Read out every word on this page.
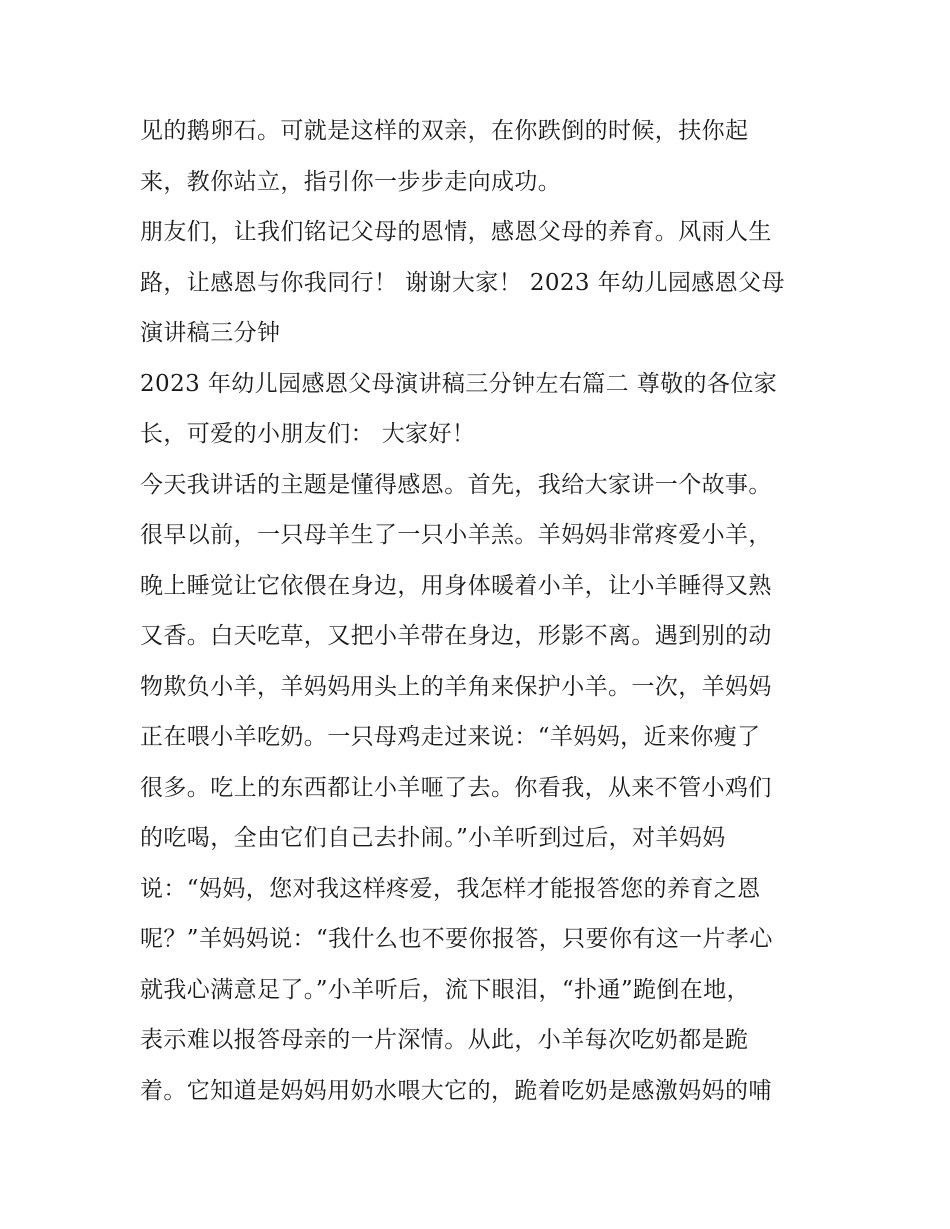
见的鹅卵石。可就是这样的双亲，在你跌倒的时候，扶你起
来，教你站立，指引你一步步走向成功。
朋友们，让我们铭记父母的恩情，感恩父母的养育。风雨人生
路，让感恩与你我同行！ 谢谢大家！ 2023 年幼儿园感恩父母
演讲稿三分钟
2023 年幼儿园感恩父母演讲稿三分钟左右篇二 尊敬的各位家
长，可爱的小朋友们： 大家好！
今天我讲话的主题是懂得感恩。首先，我给大家讲一个故事。
很早以前，一只母羊生了一只小羊羔。羊妈妈非常疼爱小羊，
晚上睡觉让它依偎在身边，用身体暖着小羊，让小羊睡得又熟
又香。白天吃草，又把小羊带在身边，形影不离。遇到别的动
物欺负小羊，羊妈妈用头上的羊角来保护小羊。一次，羊妈妈
正在喂小羊吃奶。一只母鸡走过来说：“羊妈妈，近来你瘦了
很多。吃上的东西都让小羊咂了去。你看我，从来不管小鸡们
的吃喝，全由它们自己去扑闹。”小羊听到过后，对羊妈妈
说：“妈妈，您对我这样疼爱，我怎样才能报答您的养育之恩
呢？”羊妈妈说：“我什么也不要你报答，只要你有这一片孝心
就我心满意足了。”小羊听后，流下眼泪，“扑通”跪倒在地，
表示难以报答母亲的一片深情。从此，小羊每次吃奶都是跪
着。它知道是妈妈用奶水喂大它的，跪着吃奶是感激妈妈的哺
